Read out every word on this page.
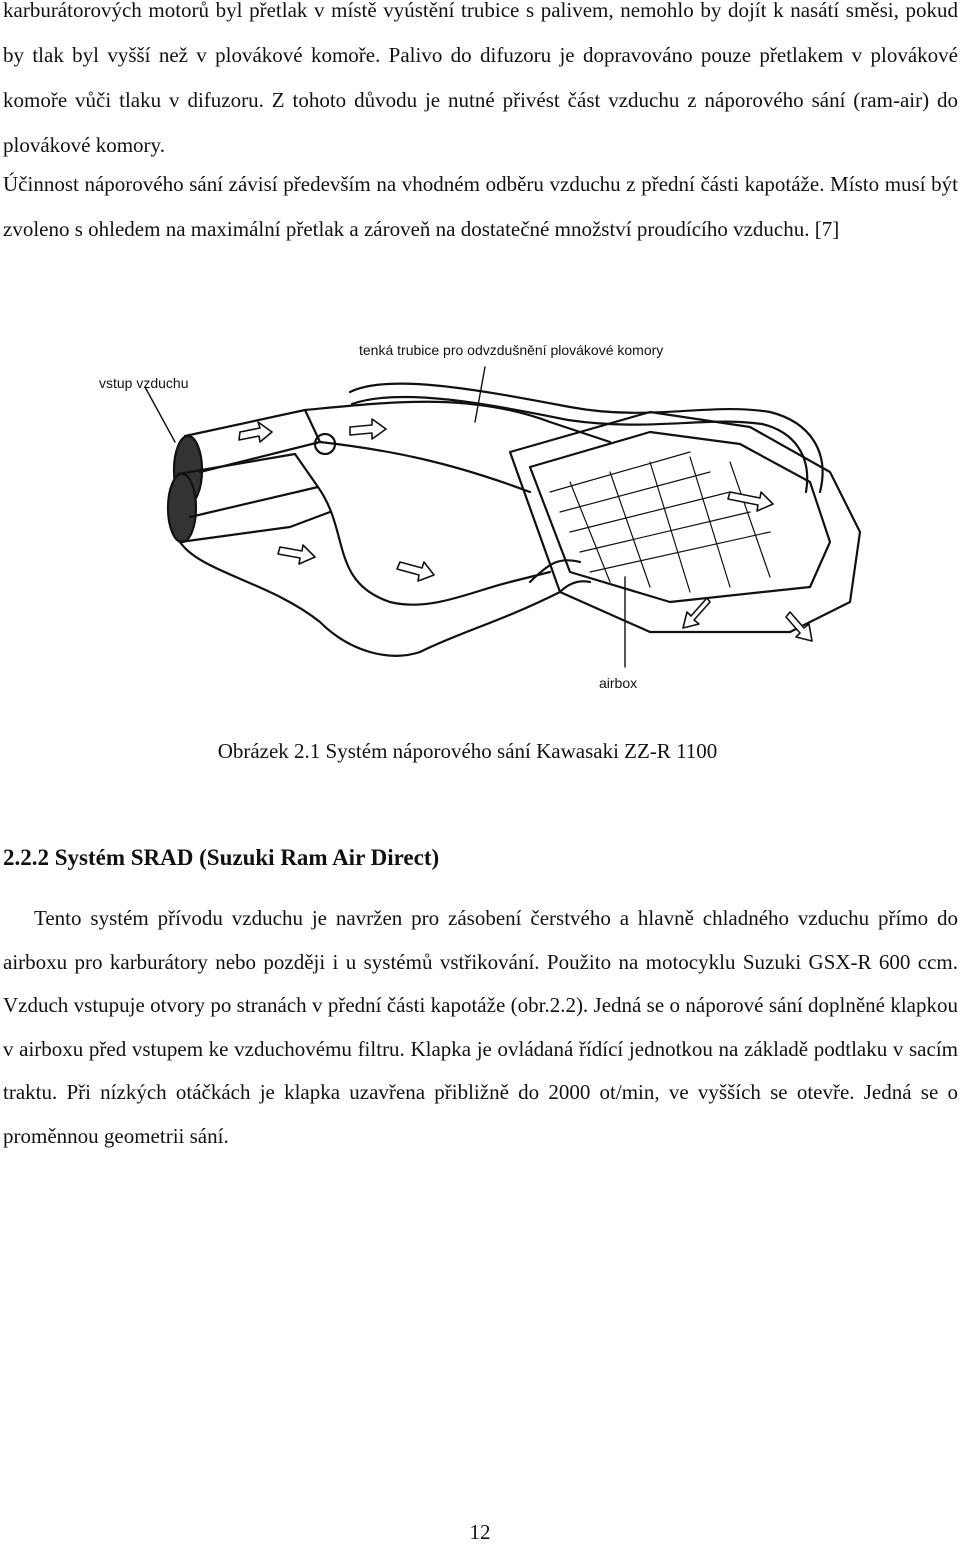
karburátorových motorů byl přetlak v místě vyústění trubice s palivem, nemohlo by dojít k nasátí směsi, pokud by tlak byl vyšší než v plovákové komoře. Palivo do difuzoru je dopravováno pouze přetlakem v plovákové komoře vůči tlaku v difuzoru. Z tohoto důvodu je nutné přivést část vzduchu z náporového sání (ram-air) do plovákové komory.

Účinnost náporového sání závisí především na vhodném odběru vzduchu z přední části kapotáže. Místo musí být zvoleno s ohledem na maximální přetlak a zároveň na dostatečné množství proudícího vzduchu. [7]

tenká trubice pro odvzdušnění plovákové komory
vstup vzduchu
airbox

Obrázek 2.1 Systém náporového sání Kawasaki ZZ-R 1100

2.2.2 Systém SRAD (Suzuki Ram Air Direct)

Tento systém přívodu vzduchu je navržen pro zásobení čerstvého a hlavně chladného vzduchu přímo do airboxu pro karburátory nebo později i u systémů vstřikování. Použito na motocyklu Suzuki GSX-R 600 ccm. Vzduch vstupuje otvory po stranách v přední části kapotáže (obr.2.2). Jedná se o náporové sání doplněné klapkou v airboxu před vstupem ke vzduchovému filtru. Klapka je ovládaná řídící jednotkou na základě podtlaku v sacím traktu. Při nízkých otáčkách je klapka uzavřena přibližně do 2000 ot/min, ve vyšších se otevře. Jedná se o proměnnou geometrii sání.

12
